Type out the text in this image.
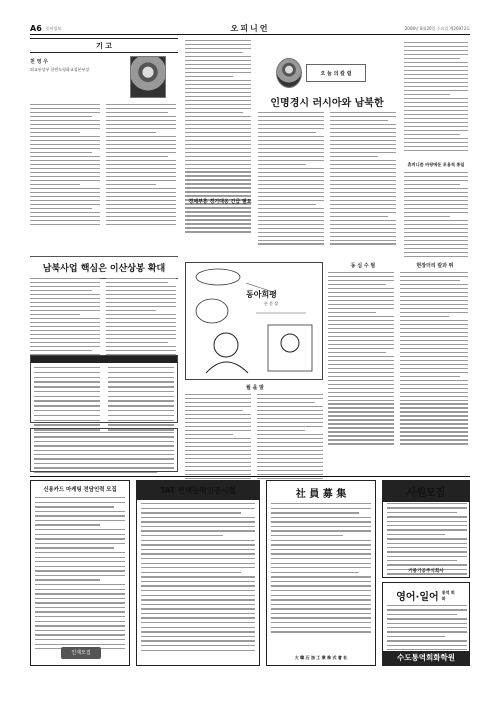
A6 동아일보	오피니언	2008년 8월20일 수요일 제26973호
기 고
천 영 우
외교통상부 한반도평화교섭본부장
남북사업 핵심은 이산상봉 확대
경제부흥 경기대응 긴급 필요
오 늘 의 칼 럼
인명경시 러시아와 남북한
휴머니즘 바탕에둔 포용적 통일
동아희평
손 문 상
동 심 수 필	현장더리 칼과 뛰
월 을 말
신용카드 마케팅 전담인력 모집
인재모집
TAT 번역능력인증시험	社 員 募 集
大 韓 石 油 工 業 株 式 會 社
사원모집
거룡기공주식회사
영어·일어 통역 회화
수도통역회화학원
